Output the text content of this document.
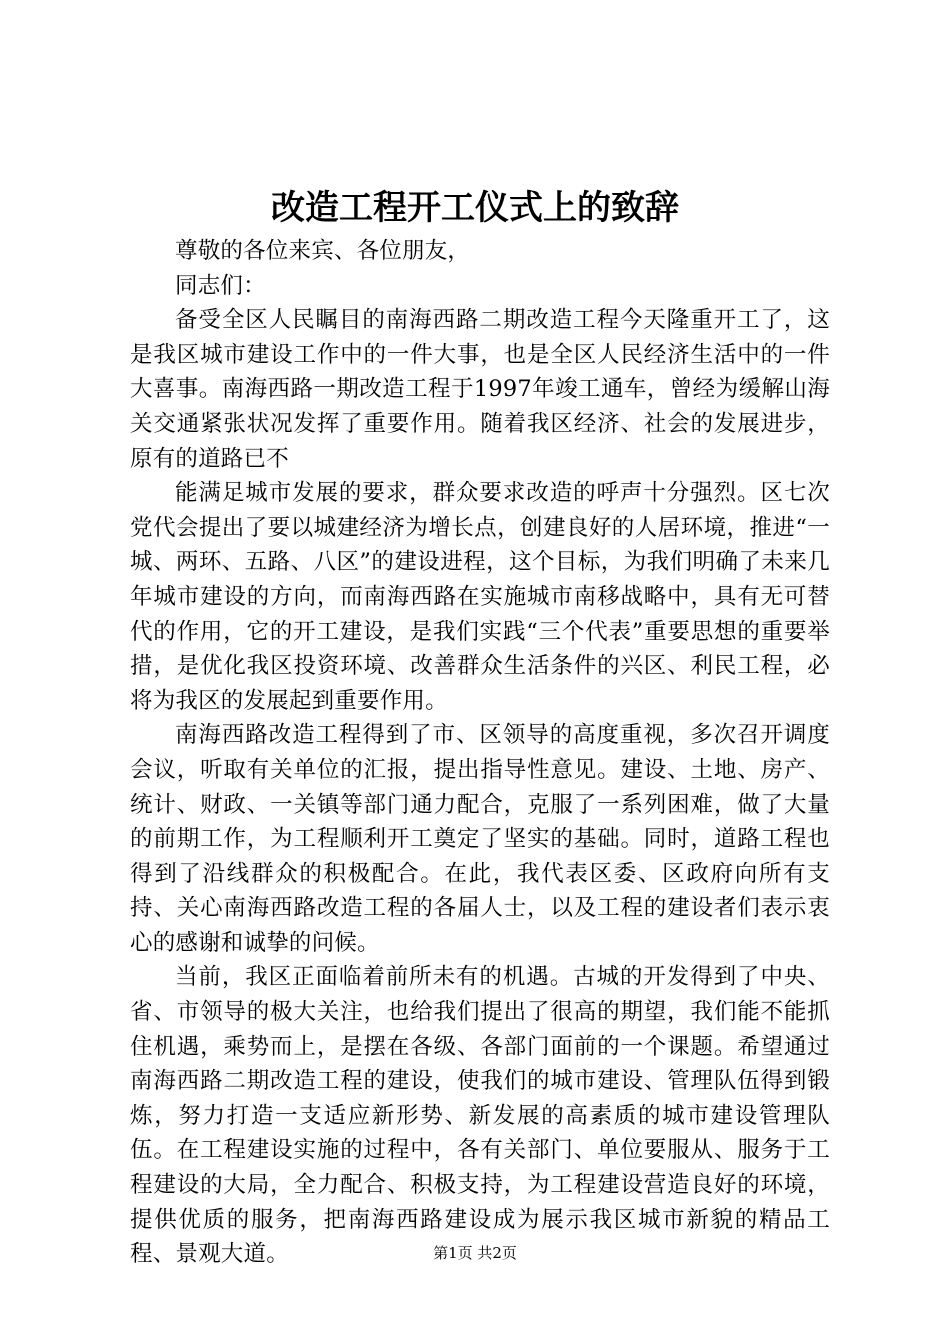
改造工程开工仪式上的致辞

尊敬的各位来宾、各位朋友，

同志们：

备受全区人民瞩目的南海西路二期改造工程今天隆重开工了，这是我区城市建设工作中的一件大事，也是全区人民经济生活中的一件大喜事。南海西路一期改造工程于1997年竣工通车，曾经为缓解山海关交通紧张状况发挥了重要作用。随着我区经济、社会的发展进步，原有的道路已不

能满足城市发展的要求，群众要求改造的呼声十分强烈。区七次党代会提出了要以城建经济为增长点，创建良好的人居环境，推进“一城、两环、五路、八区”的建设进程，这个目标，为我们明确了未来几年城市建设的方向，而南海西路在实施城市南移战略中，具有无可替代的作用，它的开工建设，是我们实践“三个代表”重要思想的重要举措，是优化我区投资环境、改善群众生活条件的兴区、利民工程，必将为我区的发展起到重要作用。

南海西路改造工程得到了市、区领导的高度重视，多次召开调度会议，听取有关单位的汇报，提出指导性意见。建设、土地、房产、统计、财政、一关镇等部门通力配合，克服了一系列困难，做了大量的前期工作，为工程顺利开工奠定了坚实的基础。同时，道路工程也得到了沿线群众的积极配合。在此，我代表区委、区政府向所有支持、关心南海西路改造工程的各届人士，以及工程的建设者们表示衷心的感谢和诚挚的问候。

当前，我区正面临着前所未有的机遇。古城的开发得到了中央、省、市领导的极大关注，也给我们提出了很高的期望，我们能不能抓住机遇，乘势而上，是摆在各级、各部门面前的一个课题。希望通过南海西路二期改造工程的建设，使我们的城市建设、管理队伍得到锻炼，努力打造一支适应新形势、新发展的高素质的城市建设管理队伍。在工程建设实施的过程中，各有关部门、单位要服从、服务于工程建设的大局，全力配合、积极支持，为工程建设营造良好的环境，提供优质的服务，把南海西路建设成为展示我区城市新貌的精品工程、景观大道。	第1页 共2页
